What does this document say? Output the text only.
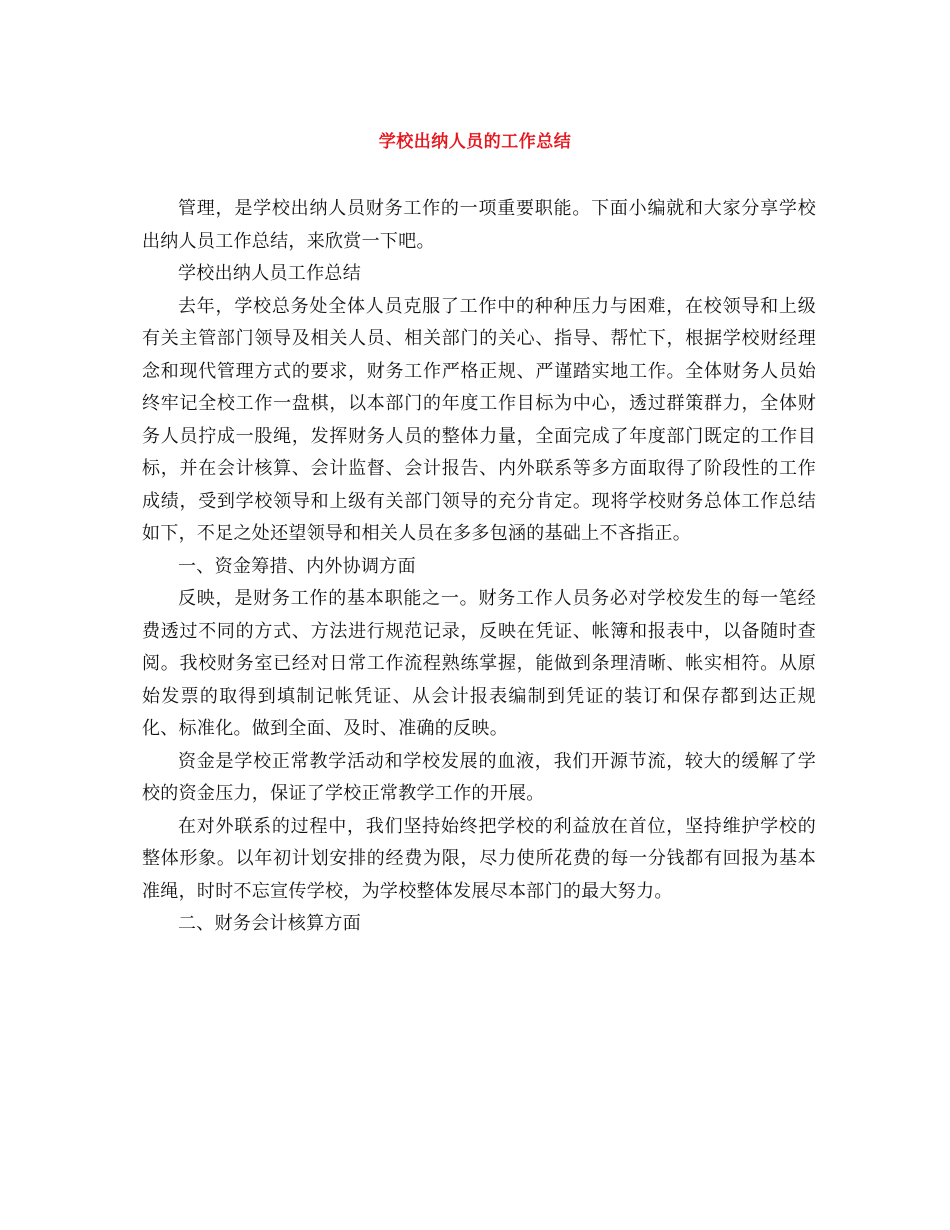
学校出纳人员的工作总结

管理，是学校出纳人员财务工作的一项重要职能。下面小编就和大家分享学校出纳人员工作总结，来欣赏一下吧。

学校出纳人员工作总结

去年，学校总务处全体人员克服了工作中的种种压力与困难，在校领导和上级有关主管部门领导及相关人员、相关部门的关心、指导、帮忙下，根据学校财经理念和现代管理方式的要求，财务工作严格正规、严谨踏实地工作。全体财务人员始终牢记全校工作一盘棋，以本部门的年度工作目标为中心，透过群策群力，全体财务人员拧成一股绳，发挥财务人员的整体力量，全面完成了年度部门既定的工作目标，并在会计核算、会计监督、会计报告、内外联系等多方面取得了阶段性的工作成绩，受到学校领导和上级有关部门领导的充分肯定。现将学校财务总体工作总结如下，不足之处还望领导和相关人员在多多包涵的基础上不吝指正。

一、资金筹措、内外协调方面

反映，是财务工作的基本职能之一。财务工作人员务必对学校发生的每一笔经费透过不同的方式、方法进行规范记录，反映在凭证、帐簿和报表中，以备随时查阅。我校财务室已经对日常工作流程熟练掌握，能做到条理清晰、帐实相符。从原始发票的取得到填制记帐凭证、从会计报表编制到凭证的装订和保存都到达正规化、标准化。做到全面、及时、准确的反映。

资金是学校正常教学活动和学校发展的血液，我们开源节流，较大的缓解了学校的资金压力，保证了学校正常教学工作的开展。

在对外联系的过程中，我们坚持始终把学校的利益放在首位，坚持维护学校的整体形象。以年初计划安排的经费为限，尽力使所花费的每一分钱都有回报为基本准绳，时时不忘宣传学校，为学校整体发展尽本部门的最大努力。

二、财务会计核算方面
